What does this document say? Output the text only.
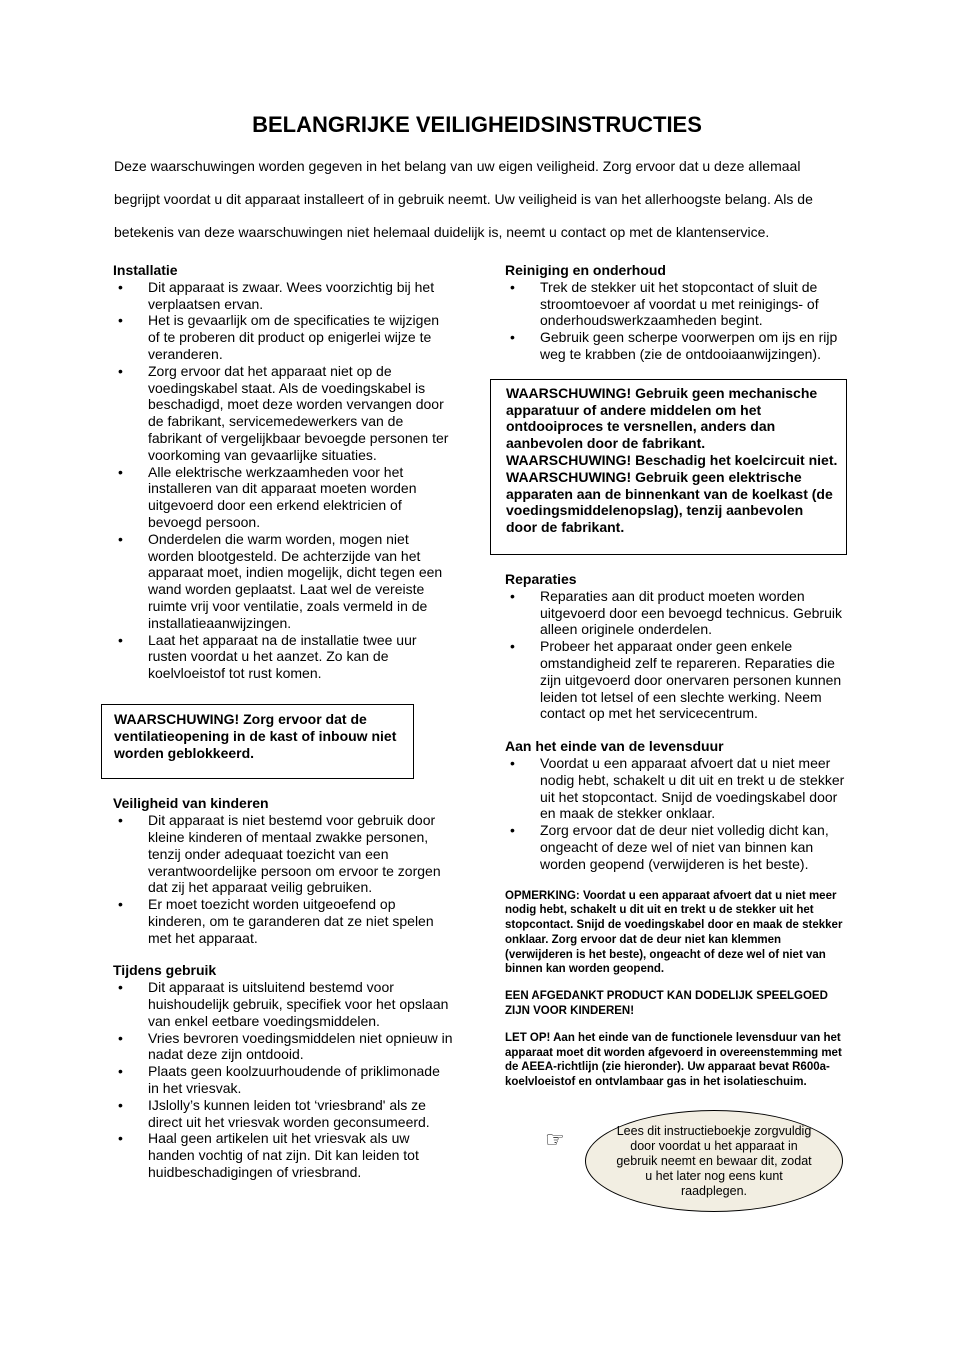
BELANGRIJKE VEILIGHEIDSINSTRUCTIES

Deze waarschuwingen worden gegeven in het belang van uw eigen veiligheid. Zorg ervoor dat u deze allemaal begrijpt voordat u dit apparaat installeert of in gebruik neemt. Uw veiligheid is van het allerhoogste belang. Als de betekenis van deze waarschuwingen niet helemaal duidelijk is, neemt u contact op met de klantenservice.

Installatie
• Dit apparaat is zwaar. Wees voorzichtig bij het verplaatsen ervan.
• Het is gevaarlijk om de specificaties te wijzigen of te proberen dit product op enigerlei wijze te veranderen.
• Zorg ervoor dat het apparaat niet op de voedingskabel staat. Als de voedingskabel is beschadigd, moet deze worden vervangen door de fabrikant, servicemedewerkers van de fabrikant of vergelijkbaar bevoegde personen ter voorkoming van gevaarlijke situaties.
• Alle elektrische werkzaamheden voor het installeren van dit apparaat moeten worden uitgevoerd door een erkend elektricien of bevoegd persoon.
• Onderdelen die warm worden, mogen niet worden blootgesteld. De achterzijde van het apparaat moet, indien mogelijk, dicht tegen een wand worden geplaatst. Laat wel de vereiste ruimte vrij voor ventilatie, zoals vermeld in de installatieaanwijzingen.
• Laat het apparaat na de installatie twee uur rusten voordat u het aanzet. Zo kan de koelvloeistof tot rust komen.
WAARSCHUWING! Zorg ervoor dat de ventilatieopening in de kast of inbouw niet worden geblokkeerd.
Veiligheid van kinderen
• Dit apparaat is niet bestemd voor gebruik door kleine kinderen of mentaal zwakke personen, tenzij onder adequaat toezicht van een verantwoordelijke persoon om ervoor te zorgen dat zij het apparaat veilig gebruiken.
• Er moet toezicht worden uitgeoefend op kinderen, om te garanderen dat ze niet spelen met het apparaat.
Tijdens gebruik
• Dit apparaat is uitsluitend bestemd voor huishoudelijk gebruik, specifiek voor het opslaan van enkel eetbare voedingsmiddelen.
• Vries bevroren voedingsmiddelen niet opnieuw in nadat deze zijn ontdooid.
• Plaats geen koolzuurhoudende of priklimonade in het vriesvak.
• IJslolly’s kunnen leiden tot ‘vriesbrand' als ze direct uit het vriesvak worden geconsumeerd.
• Haal geen artikelen uit het vriesvak als uw handen vochtig of nat zijn. Dit kan leiden tot huidbeschadigingen of vriesbrand.
Reiniging en onderhoud
• Trek de stekker uit het stopcontact of sluit de stroomtoevoer af voordat u met reinigings- of onderhoudswerkzaamheden begint.
• Gebruik geen scherpe voorwerpen om ijs en rijp weg te krabben (zie de ontdooiaanwijzingen).
WAARSCHUWING! Gebruik geen mechanische apparatuur of andere middelen om het ontdooiproces te versnellen, anders dan aanbevolen door de fabrikant.
WAARSCHUWING! Beschadig het koelcircuit niet.
WAARSCHUWING! Gebruik geen elektrische apparaten aan de binnenkant van de koelkast (de voedingsmiddelenopslag), tenzij aanbevolen door de fabrikant.
Reparaties
• Reparaties aan dit product moeten worden uitgevoerd door een bevoegd technicus. Gebruik alleen originele onderdelen.
• Probeer het apparaat onder geen enkele omstandigheid zelf te repareren. Reparaties die zijn uitgevoerd door onervaren personen kunnen leiden tot letsel of een slechte werking. Neem contact op met het servicecentrum.
Aan het einde van de levensduur
• Voordat u een apparaat afvoert dat u niet meer nodig hebt, schakelt u dit uit en trekt u de stekker uit het stopcontact. Snijd de voedingskabel door en maak de stekker onklaar.
• Zorg ervoor dat de deur niet volledig dicht kan, ongeacht of deze wel of niet van binnen kan worden geopend (verwijderen is het beste).

OPMERKING: Voordat u een apparaat afvoert dat u niet meer nodig hebt, schakelt u dit uit en trekt u de stekker uit het stopcontact. Snijd de voedingskabel door en maak de stekker onklaar. Zorg ervoor dat de deur niet kan klemmen (verwijderen is het beste), ongeacht of deze wel of niet van binnen kan worden geopend.

EEN AFGEDANKT PRODUCT KAN DODELIJK SPEELGOED ZIJN VOOR KINDEREN!

LET OP! Aan het einde van de functionele levensduur van het apparaat moet dit worden afgevoerd in overeenstemming met de AEEA-richtlijn (zie hieronder). Uw apparaat bevat R600a-koelvloeistof en ontvlambaar gas in het isolatieschuim.

☞	Lees dit instructieboekje zorgvuldig door voordat u het apparaat in gebruik neemt en bewaar dit, zodat u het later nog eens kunt raadplegen.
